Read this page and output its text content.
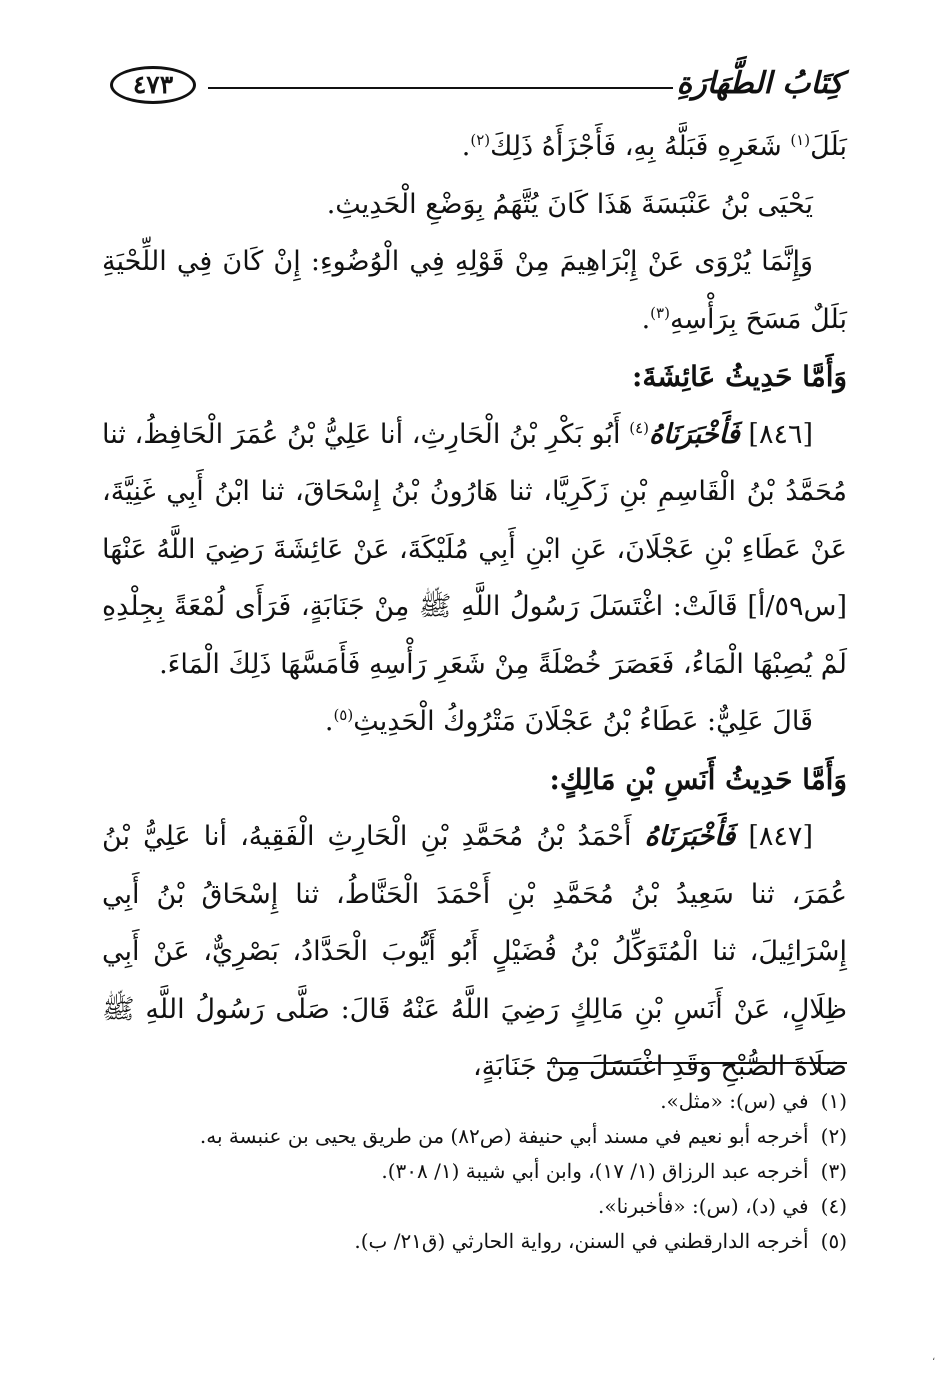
كِتَابُ الطَّهَارَةِ
٤٧٣

بَلَلَ$^{(١)}$ شَعَرِهِ فَبَلَّهُ بِهِ، فَأَجْزَأَهُ ذَلِكَ$^{(٢)}$.

يَحْيَى بْنُ عَنْبَسَةَ هَذَا كَانَ يُتَّهَمُ بِوَضْعِ الْحَدِيثِ.

وَإِنَّمَا يُرْوَى عَنْ إِبْرَاهِيمَ مِنْ قَوْلِهِ فِي الْوُضُوءِ: إِنْ كَانَ فِي اللِّحْيَةِ بَلَلٌ مَسَحَ بِرَأْسِهِ$^{(٣)}$.

وَأَمَّا حَدِيثُ عَائِشَةَ:

[٨٤٦] فَأَخْبَرَنَاهُ$^{(٤)}$ أَبُو بَكْرِ بْنُ الْحَارِثِ، أنا عَلِيُّ بْنُ عُمَرَ الْحَافِظُ، ثنا مُحَمَّدُ بْنُ الْقَاسِمِ بْنِ زَكَرِيَّا، ثنا هَارُونُ بْنُ إِسْحَاقَ، ثنا ابْنُ أَبِي غَنِيَّةَ، عَنْ عَطَاءِ بْنِ عَجْلَانَ، عَنِ ابْنِ أَبِي مُلَيْكَةَ، عَنْ عَائِشَةَ رَضِيَ اللَّهُ عَنْهَا [س٥٩/أ] قَالَتْ: اغْتَسَلَ رَسُولُ اللَّهِ ﷺ مِنْ جَنَابَةٍ، فَرَأَى لُمْعَةً بِجِلْدِهِ لَمْ يُصِبْهَا الْمَاءُ، فَعَصَرَ خُصْلَةً مِنْ شَعَرِ رَأْسِهِ فَأَمَسَّهَا ذَلِكَ الْمَاءَ.

قَالَ عَلِيٌّ: عَطَاءُ بْنُ عَجْلَانَ مَتْرُوكُ الْحَدِيثِ$^{(٥)}$.

وَأَمَّا حَدِيثُ أَنَسِ بْنِ مَالِكٍ:

[٨٤٧] فَأَخْبَرَنَاهُ أَحْمَدُ بْنُ مُحَمَّدِ بْنِ الْحَارِثِ الْفَقِيهُ، أنا عَلِيُّ بْنُ عُمَرَ، ثنا سَعِيدُ بْنُ مُحَمَّدِ بْنِ أَحْمَدَ الْحَنَّاطُ، ثنا إِسْحَاقُ بْنُ أَبِي إِسْرَائِيلَ، ثنا الْمُتَوَكِّلُ بْنُ فُضَيْلٍ أَبُو أَيُّوبَ الْحَدَّادُ، بَصْرِيٌّ، عَنْ أَبِي ظِلَالٍ، عَنْ أَنَسِ بْنِ مَالِكٍ رَضِيَ اللَّهُ عَنْهُ قَالَ: صَلَّى رَسُولُ اللَّهِ ﷺ صَلَاةَ الصُّبْحِ وَقَدِ اغْتَسَلَ مِنْ جَنَابَةٍ،

(١)في (س): «مثل».

(٢)أخرجه أبو نعيم في مسند أبي حنيفة (ص٨٢) من طريق يحيى بن عنبسة به.

(٣)أخرجه عبد الرزاق (١/ ١٧)، وابن أبي شيبة (١/ ٣٠٨).

(٤)في (د)، (س): «فأخبرنا».

(٥)أخرجه الدارقطني في السنن، رواية الحارثي (ق٢١/ ب).

،
